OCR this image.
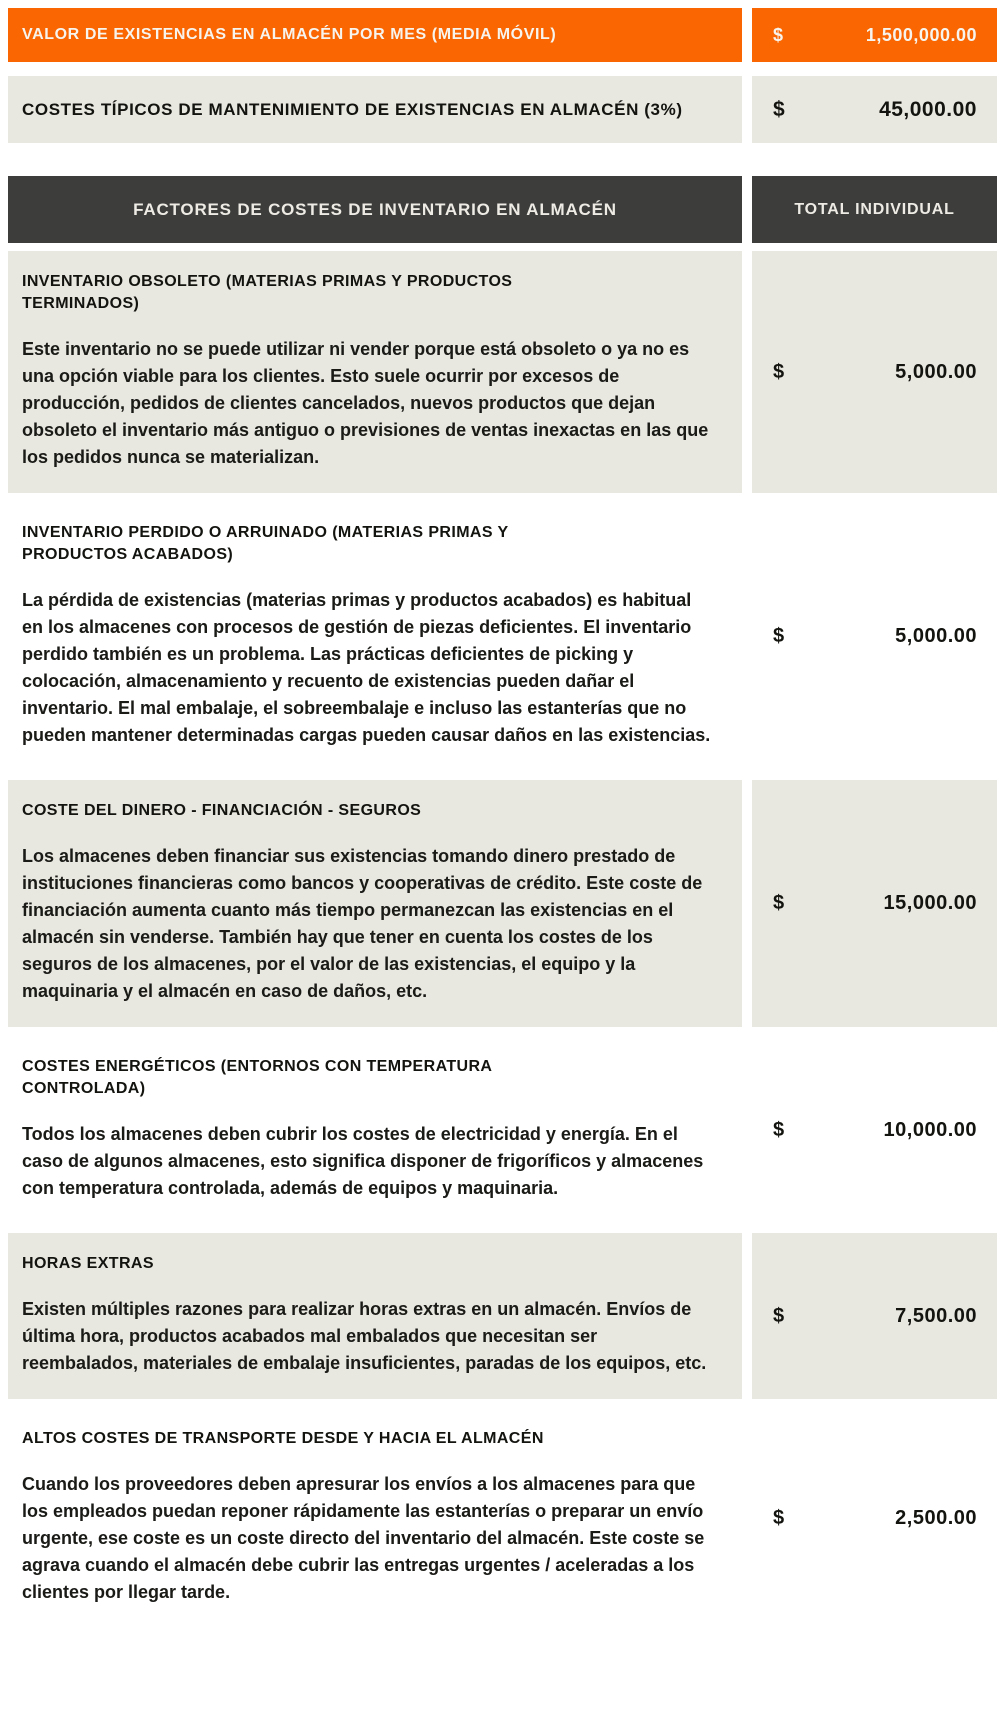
VALOR DE EXISTENCIAS EN ALMACÉN POR MES (MEDIA MÓVIL)	$	1,500,000.00
COSTES TÍPICOS DE MANTENIMIENTO DE EXISTENCIAS EN ALMACÉN (3%)	$	45,000.00
FACTORES DE COSTES DE INVENTARIO EN ALMACÉN	TOTAL INDIVIDUAL

INVENTARIO OBSOLETO (MATERIAS PRIMAS Y PRODUCTOS TERMINADOS)

Este inventario no se puede utilizar ni vender porque está obsoleto o ya no es una opción viable para los clientes. Esto suele ocurrir por excesos de producción, pedidos de clientes cancelados, nuevos productos que dejan obsoleto el inventario más antiguo o previsiones de ventas inexactas en las que los pedidos nunca se materializan.

$	5,000.00

INVENTARIO PERDIDO O ARRUINADO (MATERIAS PRIMAS Y PRODUCTOS ACABADOS)

La pérdida de existencias (materias primas y productos acabados) es habitual en los almacenes con procesos de gestión de piezas deficientes. El inventario perdido también es un problema. Las prácticas deficientes de picking y colocación, almacenamiento y recuento de existencias pueden dañar el inventario. El mal embalaje, el sobreembalaje e incluso las estanterías que no pueden mantener determinadas cargas pueden causar daños en las existencias.

$	5,000.00

COSTE DEL DINERO - FINANCIACIÓN - SEGUROS

Los almacenes deben financiar sus existencias tomando dinero prestado de instituciones financieras como bancos y cooperativas de crédito. Este coste de financiación aumenta cuanto más tiempo permanezcan las existencias en el almacén sin venderse. También hay que tener en cuenta los costes de los seguros de los almacenes, por el valor de las existencias, el equipo y la maquinaria y el almacén en caso de daños, etc.

$	15,000.00

COSTES ENERGÉTICOS (ENTORNOS CON TEMPERATURA CONTROLADA)

Todos los almacenes deben cubrir los costes de electricidad y energía. En el caso de algunos almacenes, esto significa disponer de frigoríficos y almacenes con temperatura controlada, además de equipos y maquinaria.

$	10,000.00

HORAS EXTRAS

Existen múltiples razones para realizar horas extras en un almacén. Envíos de última hora, productos acabados mal embalados que necesitan ser reembalados, materiales de embalaje insuficientes, paradas de los equipos, etc.

$	7,500.00

ALTOS COSTES DE TRANSPORTE DESDE Y HACIA EL ALMACÉN

Cuando los proveedores deben apresurar los envíos a los almacenes para que los empleados puedan reponer rápidamente las estanterías o preparar un envío urgente, ese coste es un coste directo del inventario del almacén. Este coste se agrava cuando el almacén debe cubrir las entregas urgentes / aceleradas a los clientes por llegar tarde.

$	2,500.00
